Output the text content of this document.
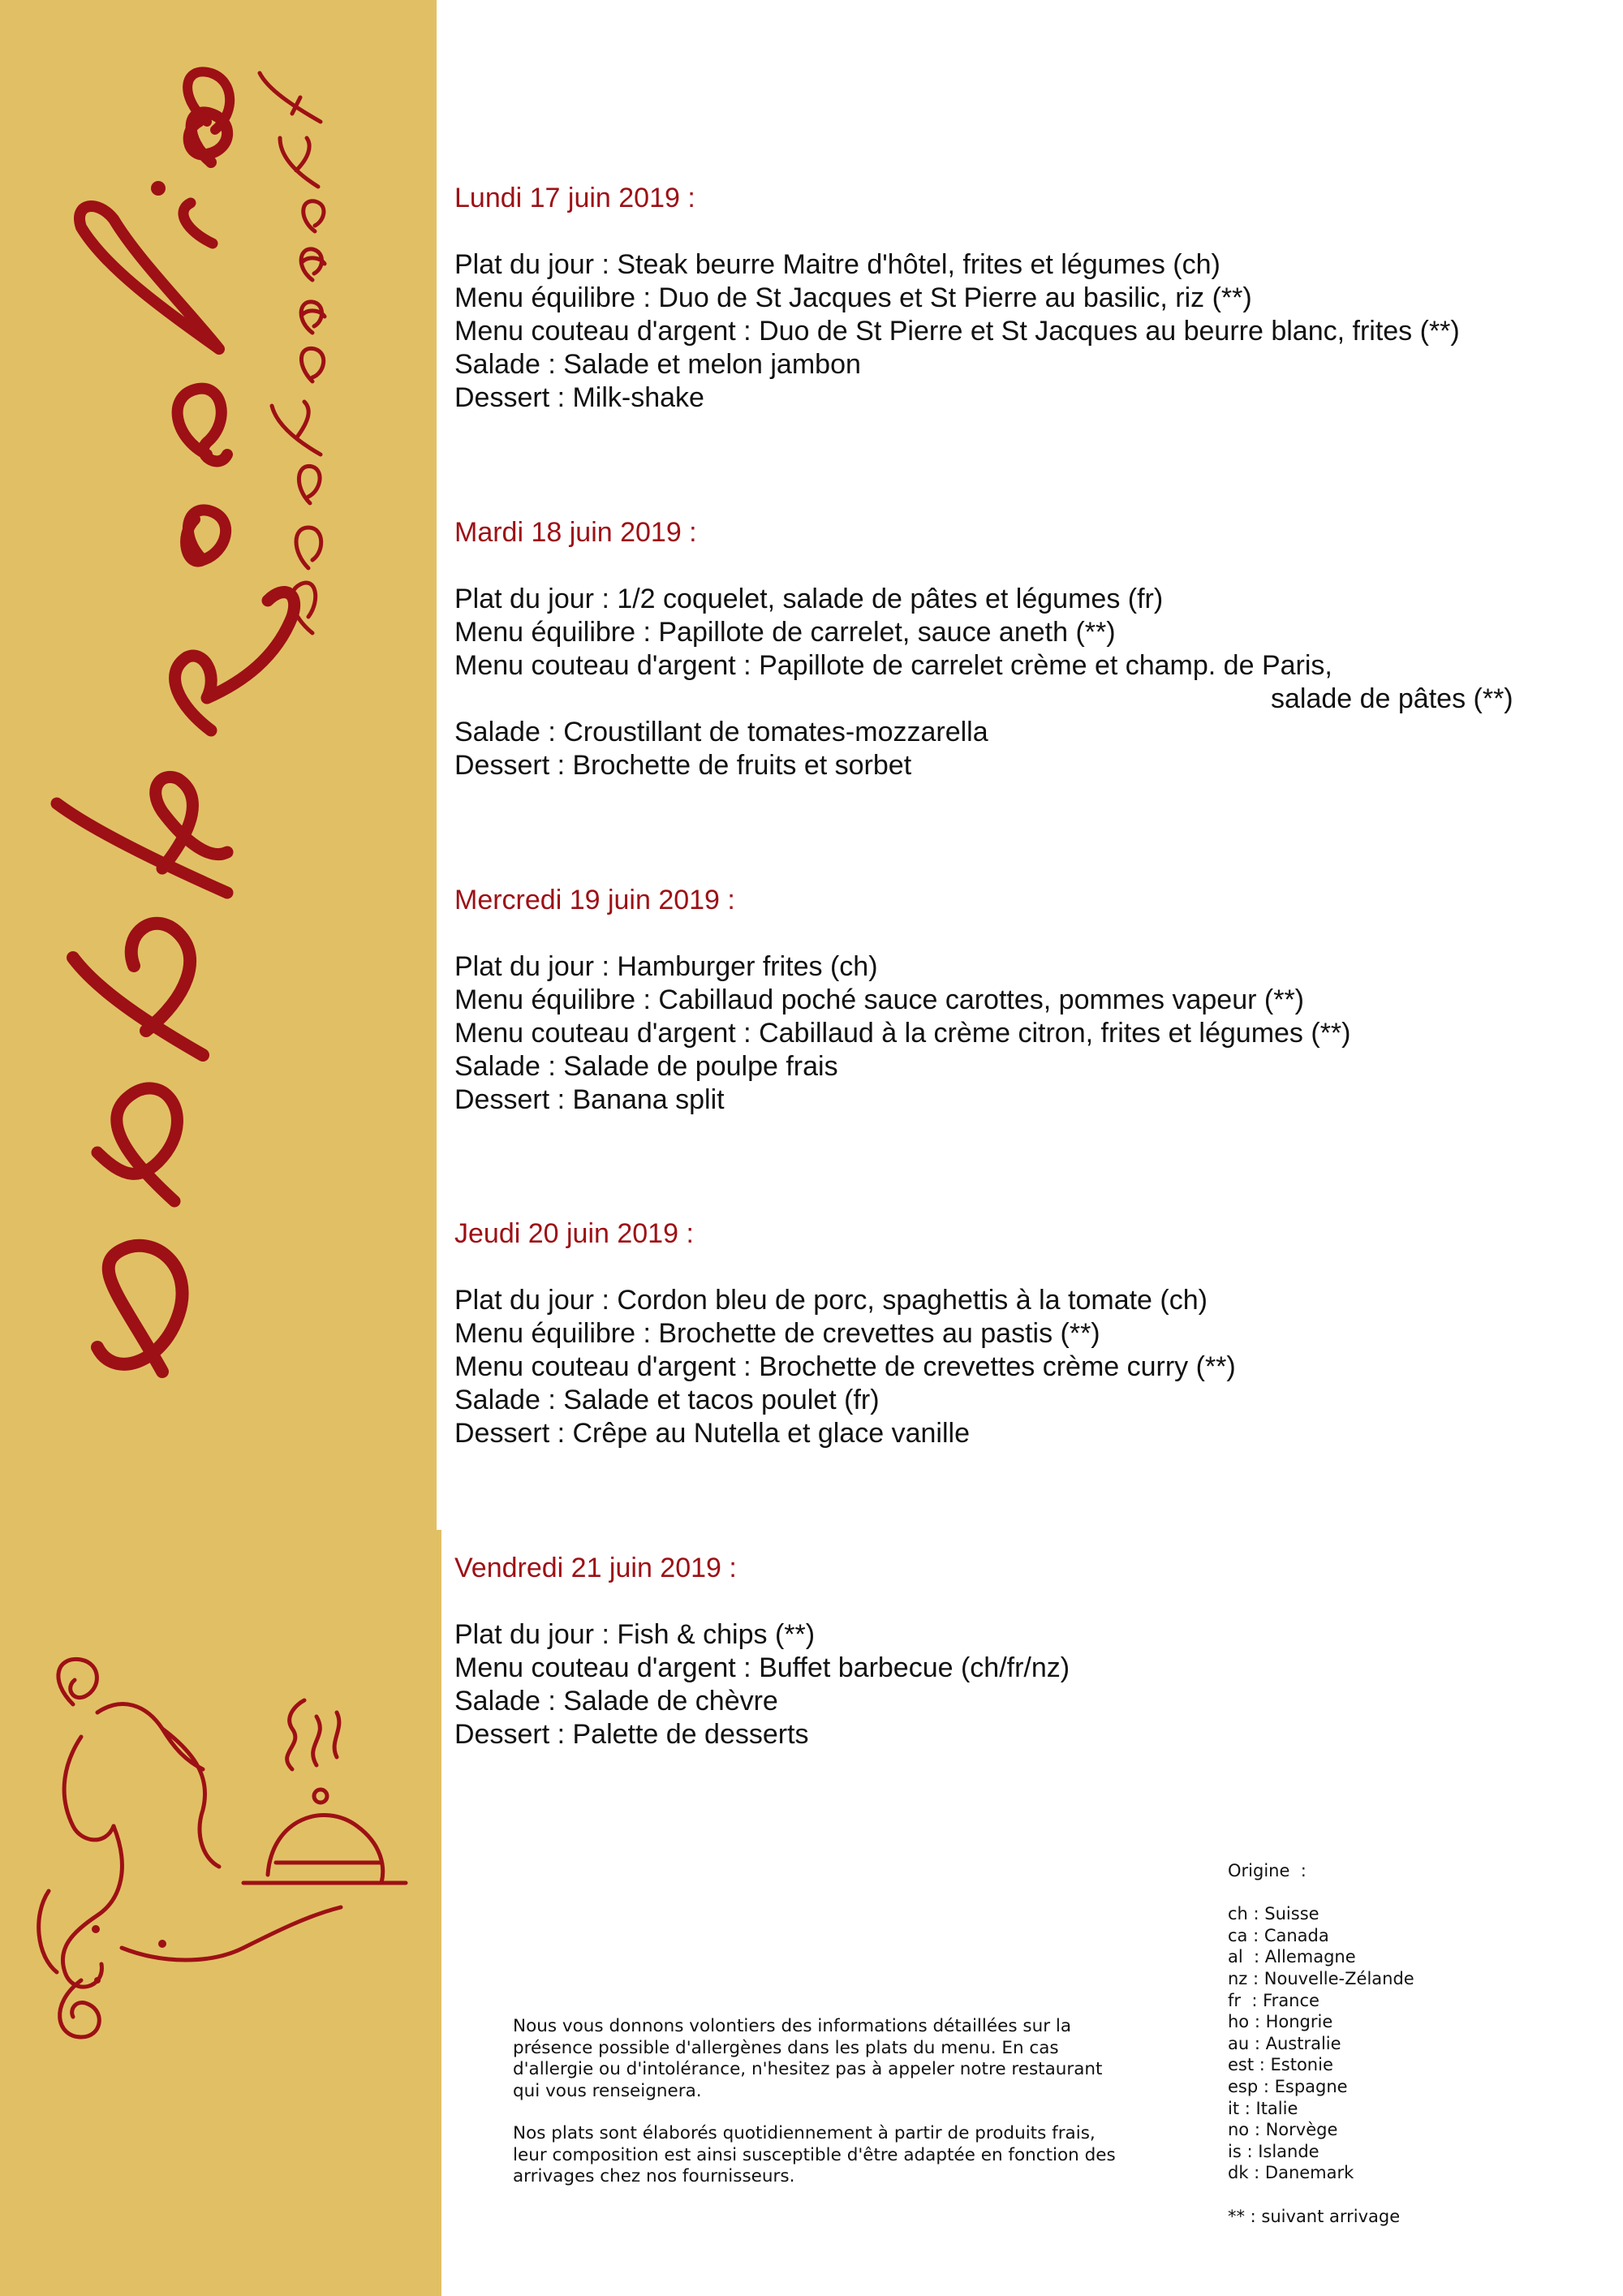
Lundi 17 juin 2019 :
Plat du jour : Steak beurre Maitre d'hôtel, frites et légumes (ch)
Menu équilibre : Duo de St Jacques et St Pierre au basilic, riz (**)
Menu couteau d'argent : Duo de St Pierre et St Jacques au beurre blanc, frites (**)
Salade : Salade et melon jambon
Dessert : Milk-shake
Mardi 18 juin 2019 :
Plat du jour : 1/2 coquelet, salade de pâtes et légumes (fr)
Menu équilibre : Papillote de carrelet, sauce aneth (**)
Menu couteau d'argent : Papillote de carrelet crème et champ. de Paris,
salade de pâtes (**)
Salade : Croustillant de tomates-mozzarella
Dessert : Brochette de fruits et sorbet
Mercredi 19 juin 2019 :
Plat du jour : Hamburger frites (ch)
Menu équilibre : Cabillaud poché sauce carottes, pommes vapeur (**)
Menu couteau d'argent : Cabillaud à la crème citron, frites et légumes (**)
Salade : Salade de poulpe frais
Dessert : Banana split
Jeudi 20 juin 2019 :
Plat du jour : Cordon bleu de porc, spaghettis à la tomate (ch)
Menu équilibre : Brochette de crevettes au pastis (**)
Menu couteau d'argent : Brochette de crevettes crème curry (**)
Salade : Salade et tacos poulet (fr)
Dessert : Crêpe au Nutella et glace vanille
Vendredi 21 juin 2019 :
Plat du jour : Fish & chips (**)
Menu couteau d'argent : Buffet barbecue (ch/fr/nz)
Salade : Salade de chèvre
Dessert : Palette de desserts

Nous vous donnons volontiers des informations détaillées sur la présence possible d'allergènes dans les plats du menu. En cas d'allergie ou d'intolérance, n'hesitez pas à appeler notre restaurant qui vous renseignera.

Nos plats sont élaborés quotidiennement à partir de produits frais, leur composition est ainsi susceptible d'être adaptée en fonction des arrivages chez nos fournisseurs.

Origine  :
ch : Suisse
ca : Canada
al  : Allemagne
nz : Nouvelle-Zélande
fr  : France
ho : Hongrie
au : Australie
est : Estonie
esp : Espagne
it : Italie
no : Norvège
is : Islande
dk : Danemark
** : suivant arrivage
